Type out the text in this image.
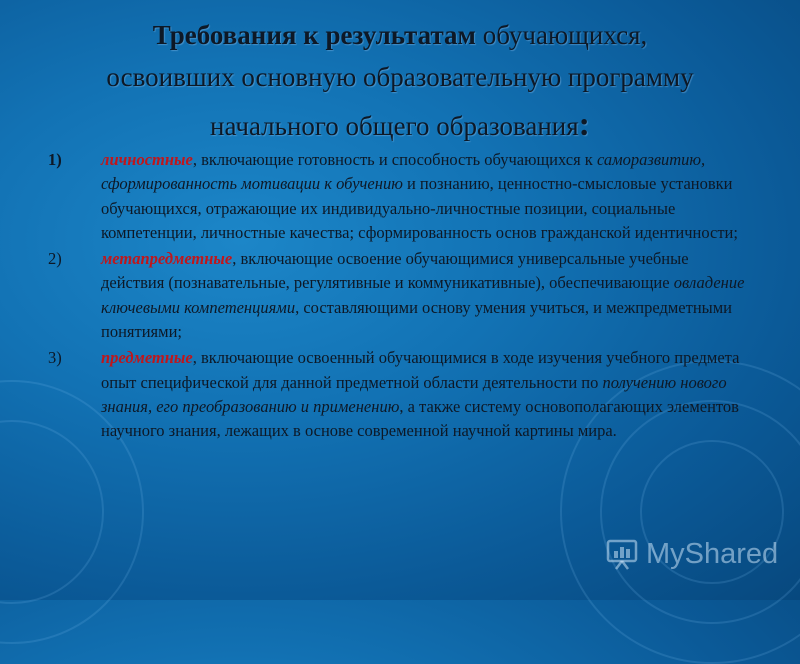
Требования к результатам обучающихся,
освоивших основную образовательную программу
начального общего образования:
1) личностные, включающие готовность и способность обучающихся к саморазвитию, сформированность мотивации к обучению и познанию, ценностно-смысловые установки обучающихся, отражающие их индивидуально-личностные позиции, социальные компетенции, личностные качества; сформированность основ гражданской идентичности;
2) метапредметные, включающие освоение обучающимися универсальные учебные действия (познавательные, регулятивные и коммуникативные), обеспечивающие овладение ключевыми компетенциями, составляющими основу умения учиться, и межпредметными понятиями;
3) предметные, включающие освоенный обучающимися в ходе изучения учебного предмета опыт специфической для данной предметной области деятельности по получению нового знания, его преобразованию и применению, а также систему основополагающих элементов научного знания, лежащих в основе современной научной картины мира.
MyShared
